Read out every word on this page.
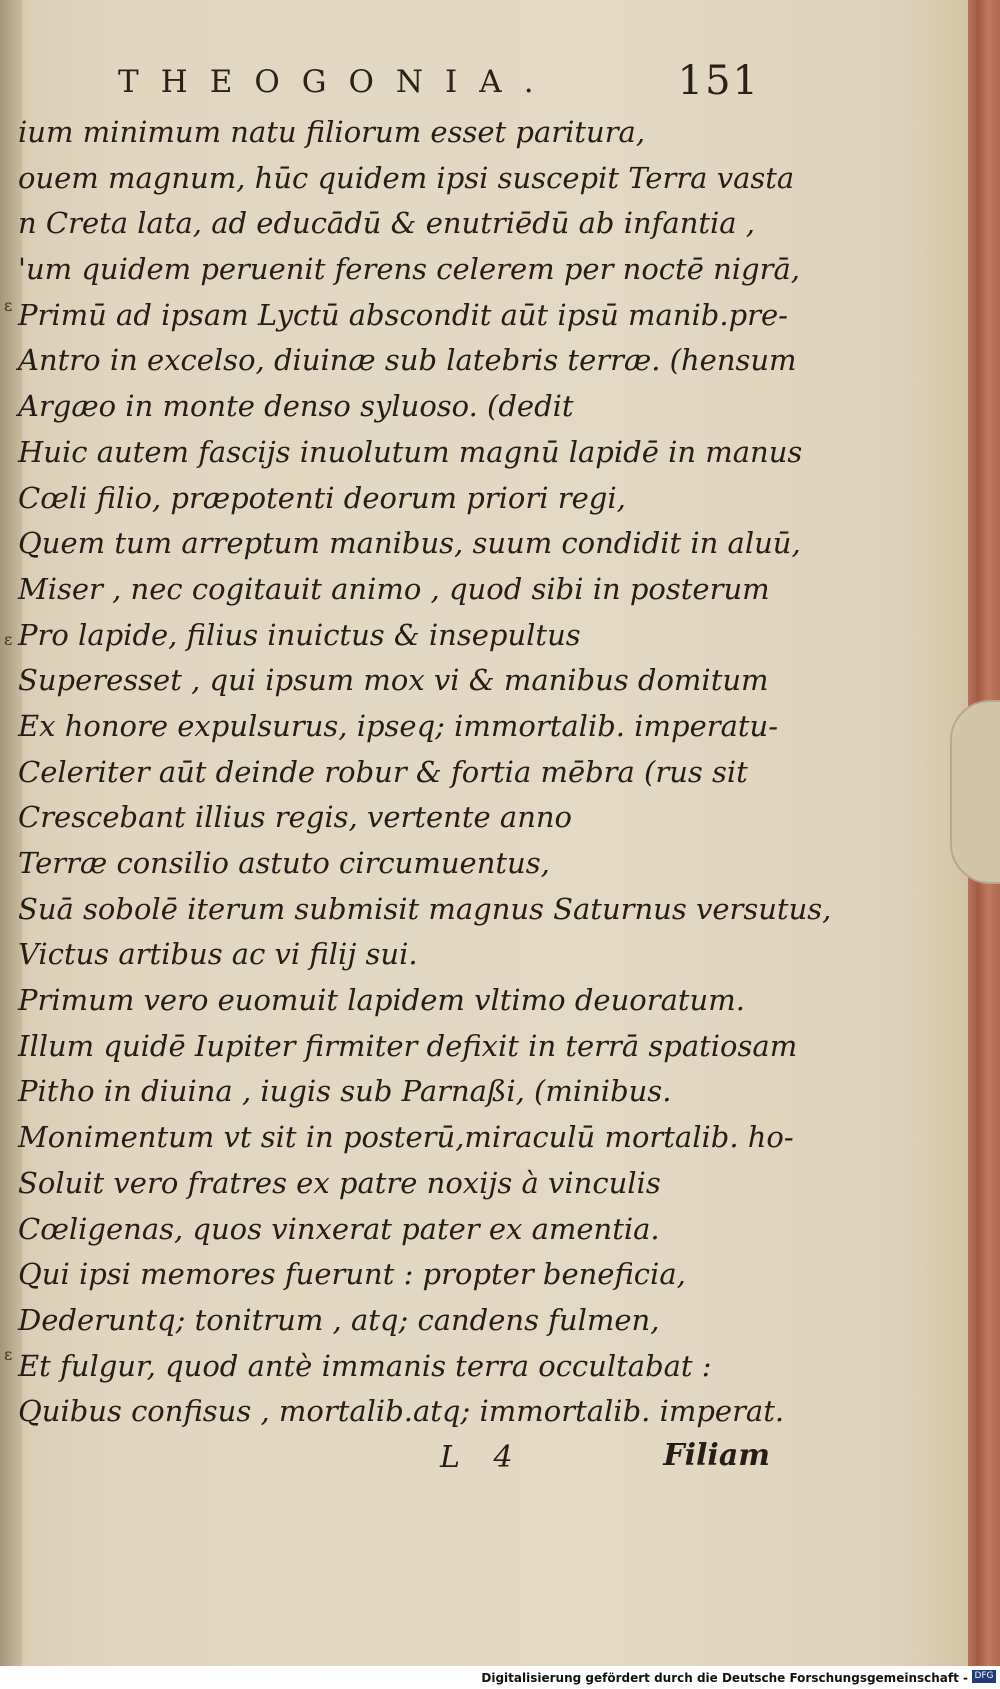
THEOGONIA.	151
ɛ
ɛ
ɛ
ium minimum natu filiorum esset paritura,
ouem magnum, hūc quidem ipsi suscepit Terra vasta
n Creta lata, ad educādū & enutriēdū ab infantia ,
'um quidem peruenit ferens celerem per noctē nigrā,
Primū ad ipsam Lyctū abscondit aūt ipsū manib.pre-
Antro in excelso, diuinæ sub latebris terræ. (hensum
Argæo in monte denso syluoso. (dedit
Huic autem fascijs inuolutum magnū lapidē in manus
Cœli filio, præpotenti deorum priori regi,
Quem tum arreptum manibus, suum condidit in aluū,
Miser , nec cogitauit animo , quod sibi in posterum
Pro lapide, filius inuictus & insepultus
Superesset , qui ipsum mox vi & manibus domitum
Ex honore expulsurus, ipseq; immortalib. imperatu-
Celeriter aūt deinde robur & fortia mēbra (rus sit
Crescebant illius regis, vertente anno
Terræ consilio astuto circumuentus,
Suā sobolē iterum submisit magnus Saturnus versutus,
Victus artibus ac vi filij sui.
Primum vero euomuit lapidem vltimo deuoratum.
Illum quidē Iupiter firmiter defixit in terrā spatiosam
Pitho in diuina , iugis sub Parnaßi, (minibus.
Monimentum vt sit in posterū,miraculū mortalib. ho-
Soluit vero fratres ex patre noxijs à vinculis
Cœligenas, quos vinxerat pater ex amentia.
Qui ipsi memores fuerunt : propter beneficia,
Dederuntq; tonitrum , atq; candens fulmen,
Et fulgur, quod antè immanis terra occultabat :
Quibus confisus , mortalib.atq; immortalib. imperat.
L 4	Filiam
Digitalisierung gefördert durch die Deutsche Forschungsgemeinschaft - DFG
